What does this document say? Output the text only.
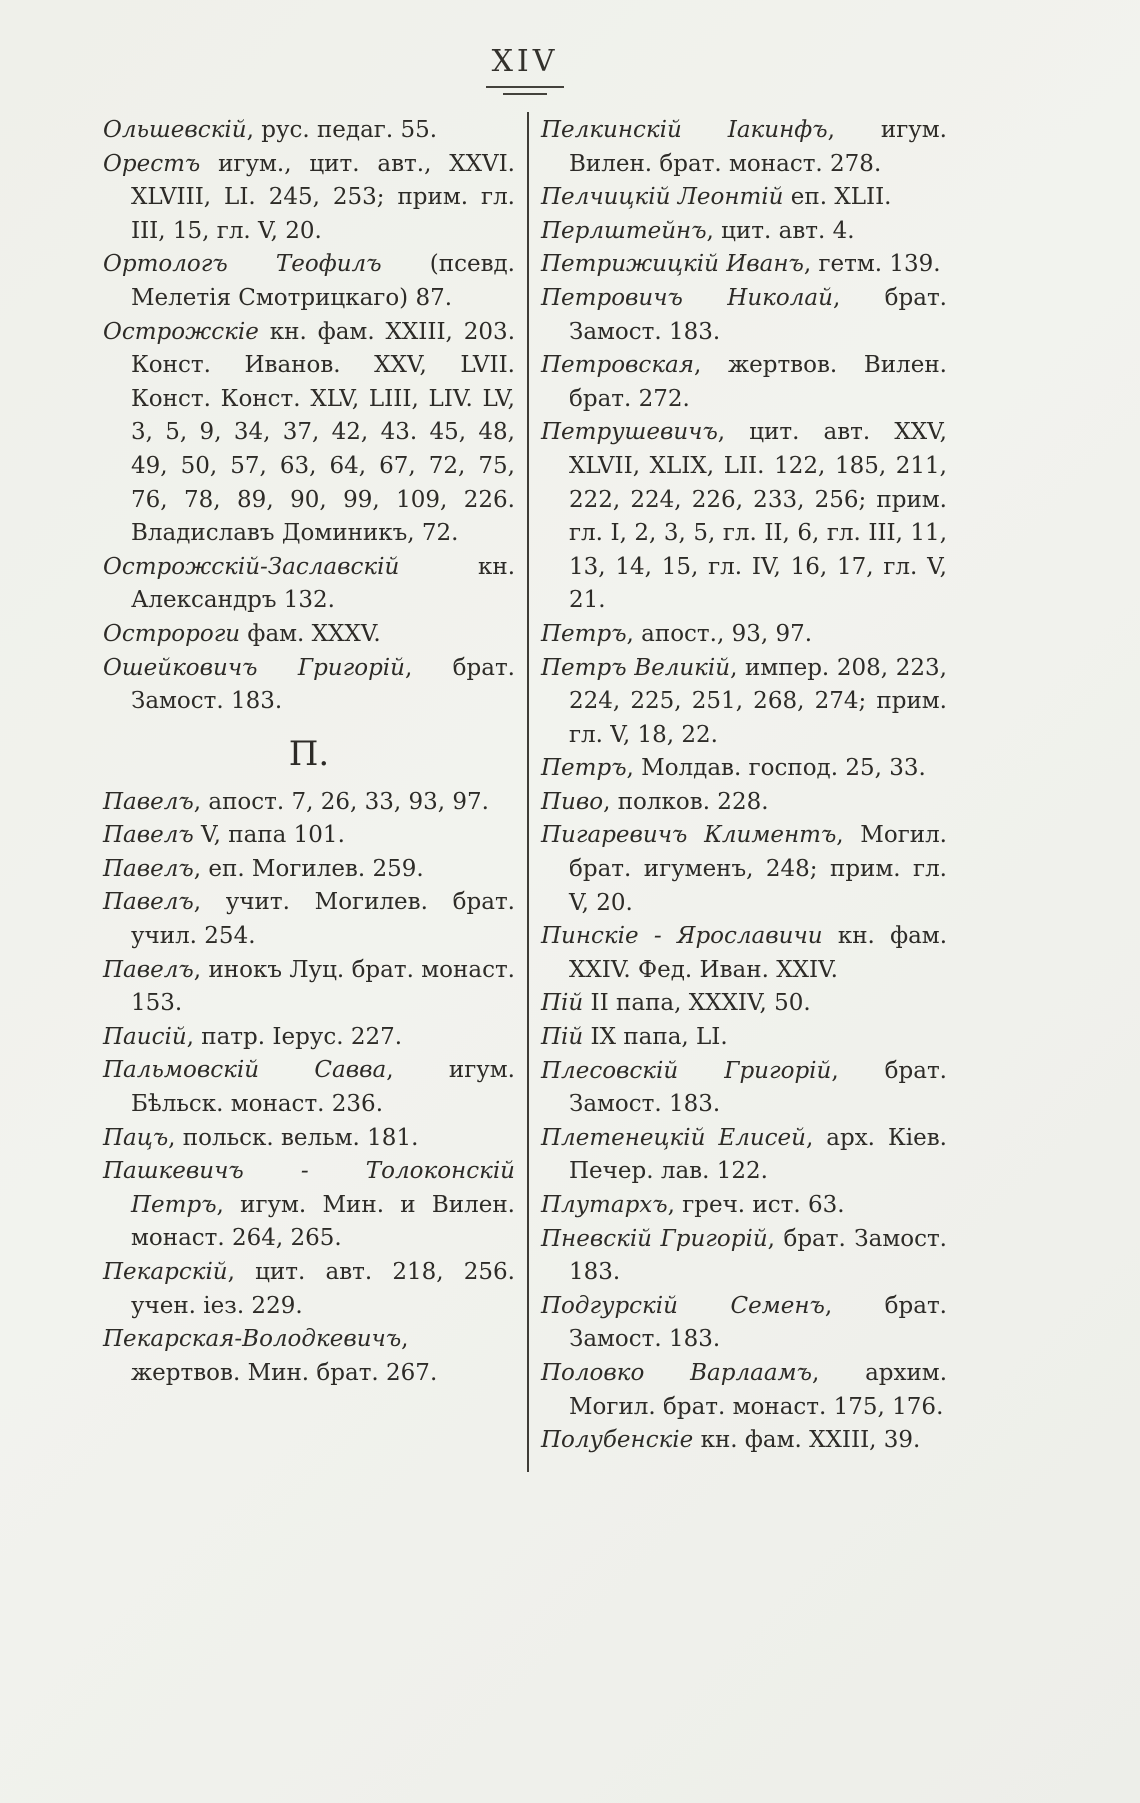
XIV

Ольшевскій, рус. педаг. 55.

Орестъ игум., цит. авт., XXVI. XLVIII, LI. 245, 253; прим. гл. III, 15, гл. V, 20.

Ортологъ Теофилъ (псевд. Мелетія Смотрицкаго) 87.

Острожскіе кн. фам. XXIII, 203. Конст. Иванов. XXV, LVII. Конст. Конст. XLV, LIII, LIV. LV, 3, 5, 9, 34, 37, 42, 43. 45, 48, 49, 50, 57, 63, 64, 67, 72, 75, 76, 78, 89, 90, 99, 109, 226. Владиславъ Доминикъ, 72.

Острожскій-Заславскій кн. Александръ 132.

Остророги фам. XXXV.

Ошейковичъ Григорій, брат. Замост. 183.

П.

Павелъ, апост. 7, 26, 33, 93, 97.

Павелъ V, папа 101.

Павелъ, еп. Могилев. 259.

Павелъ, учит. Могилев. брат. учил. 254.

Павелъ, инокъ Луц. брат. монаст. 153.

Паисій, патр. Іерус. 227.

Пальмовскій Савва, игум. Бѣльск. монаст. 236.

Пацъ, польск. вельм. 181.

Пашкевичъ - Толоконскій Петръ, игум. Мин. и Вилен. монаст. 264, 265.

Пекарскій, цит. авт. 218, 256. учен. іез. 229.

Пекарская-Володкевичъ, жертвов. Мин. брат. 267.

Пелкинскій Іакинфъ, игум. Вилен. брат. монаст. 278.

Пелчицкій Леонтій еп. XLII.

Перлштейнъ, цит. авт. 4.

Петрижицкій Иванъ, гетм. 139.

Петровичъ Николай, брат. Замост. 183.

Петровская, жертвов. Вилен. брат. 272.

Петрушевичъ, цит. авт. XXV, XLVII, XLIX, LII. 122, 185, 211, 222, 224, 226, 233, 256; прим. гл. I, 2, 3, 5, гл. II, 6, гл. III, 11, 13, 14, 15, гл. IV, 16, 17, гл. V, 21.

Петръ, апост., 93, 97.

Петръ Великій, импер. 208, 223, 224, 225, 251, 268, 274; прим. гл. V, 18, 22.

Петръ, Молдав. господ. 25, 33.

Пиво, полков. 228.

Пигаревичъ Климентъ, Могил. брат. игуменъ, 248; прим. гл. V, 20.

Пинскіе - Ярославичи кн. фам. XXIV. Фед. Иван. XXIV.

Пій II папа, XXXIV, 50.

Пій IX папа, LI.

Плесовскій Григорій, брат. Замост. 183.

Плетенецкій Елисей, арх. Кіев. Печер. лав. 122.

Плутархъ, греч. ист. 63.

Пневскій Григорій, брат. Замост. 183.

Подгурскій Семенъ, брат. Замост. 183.

Половко Варлаамъ, архим. Могил. брат. монаст. 175, 176.

Полубенскіе кн. фам. XXIII, 39.
